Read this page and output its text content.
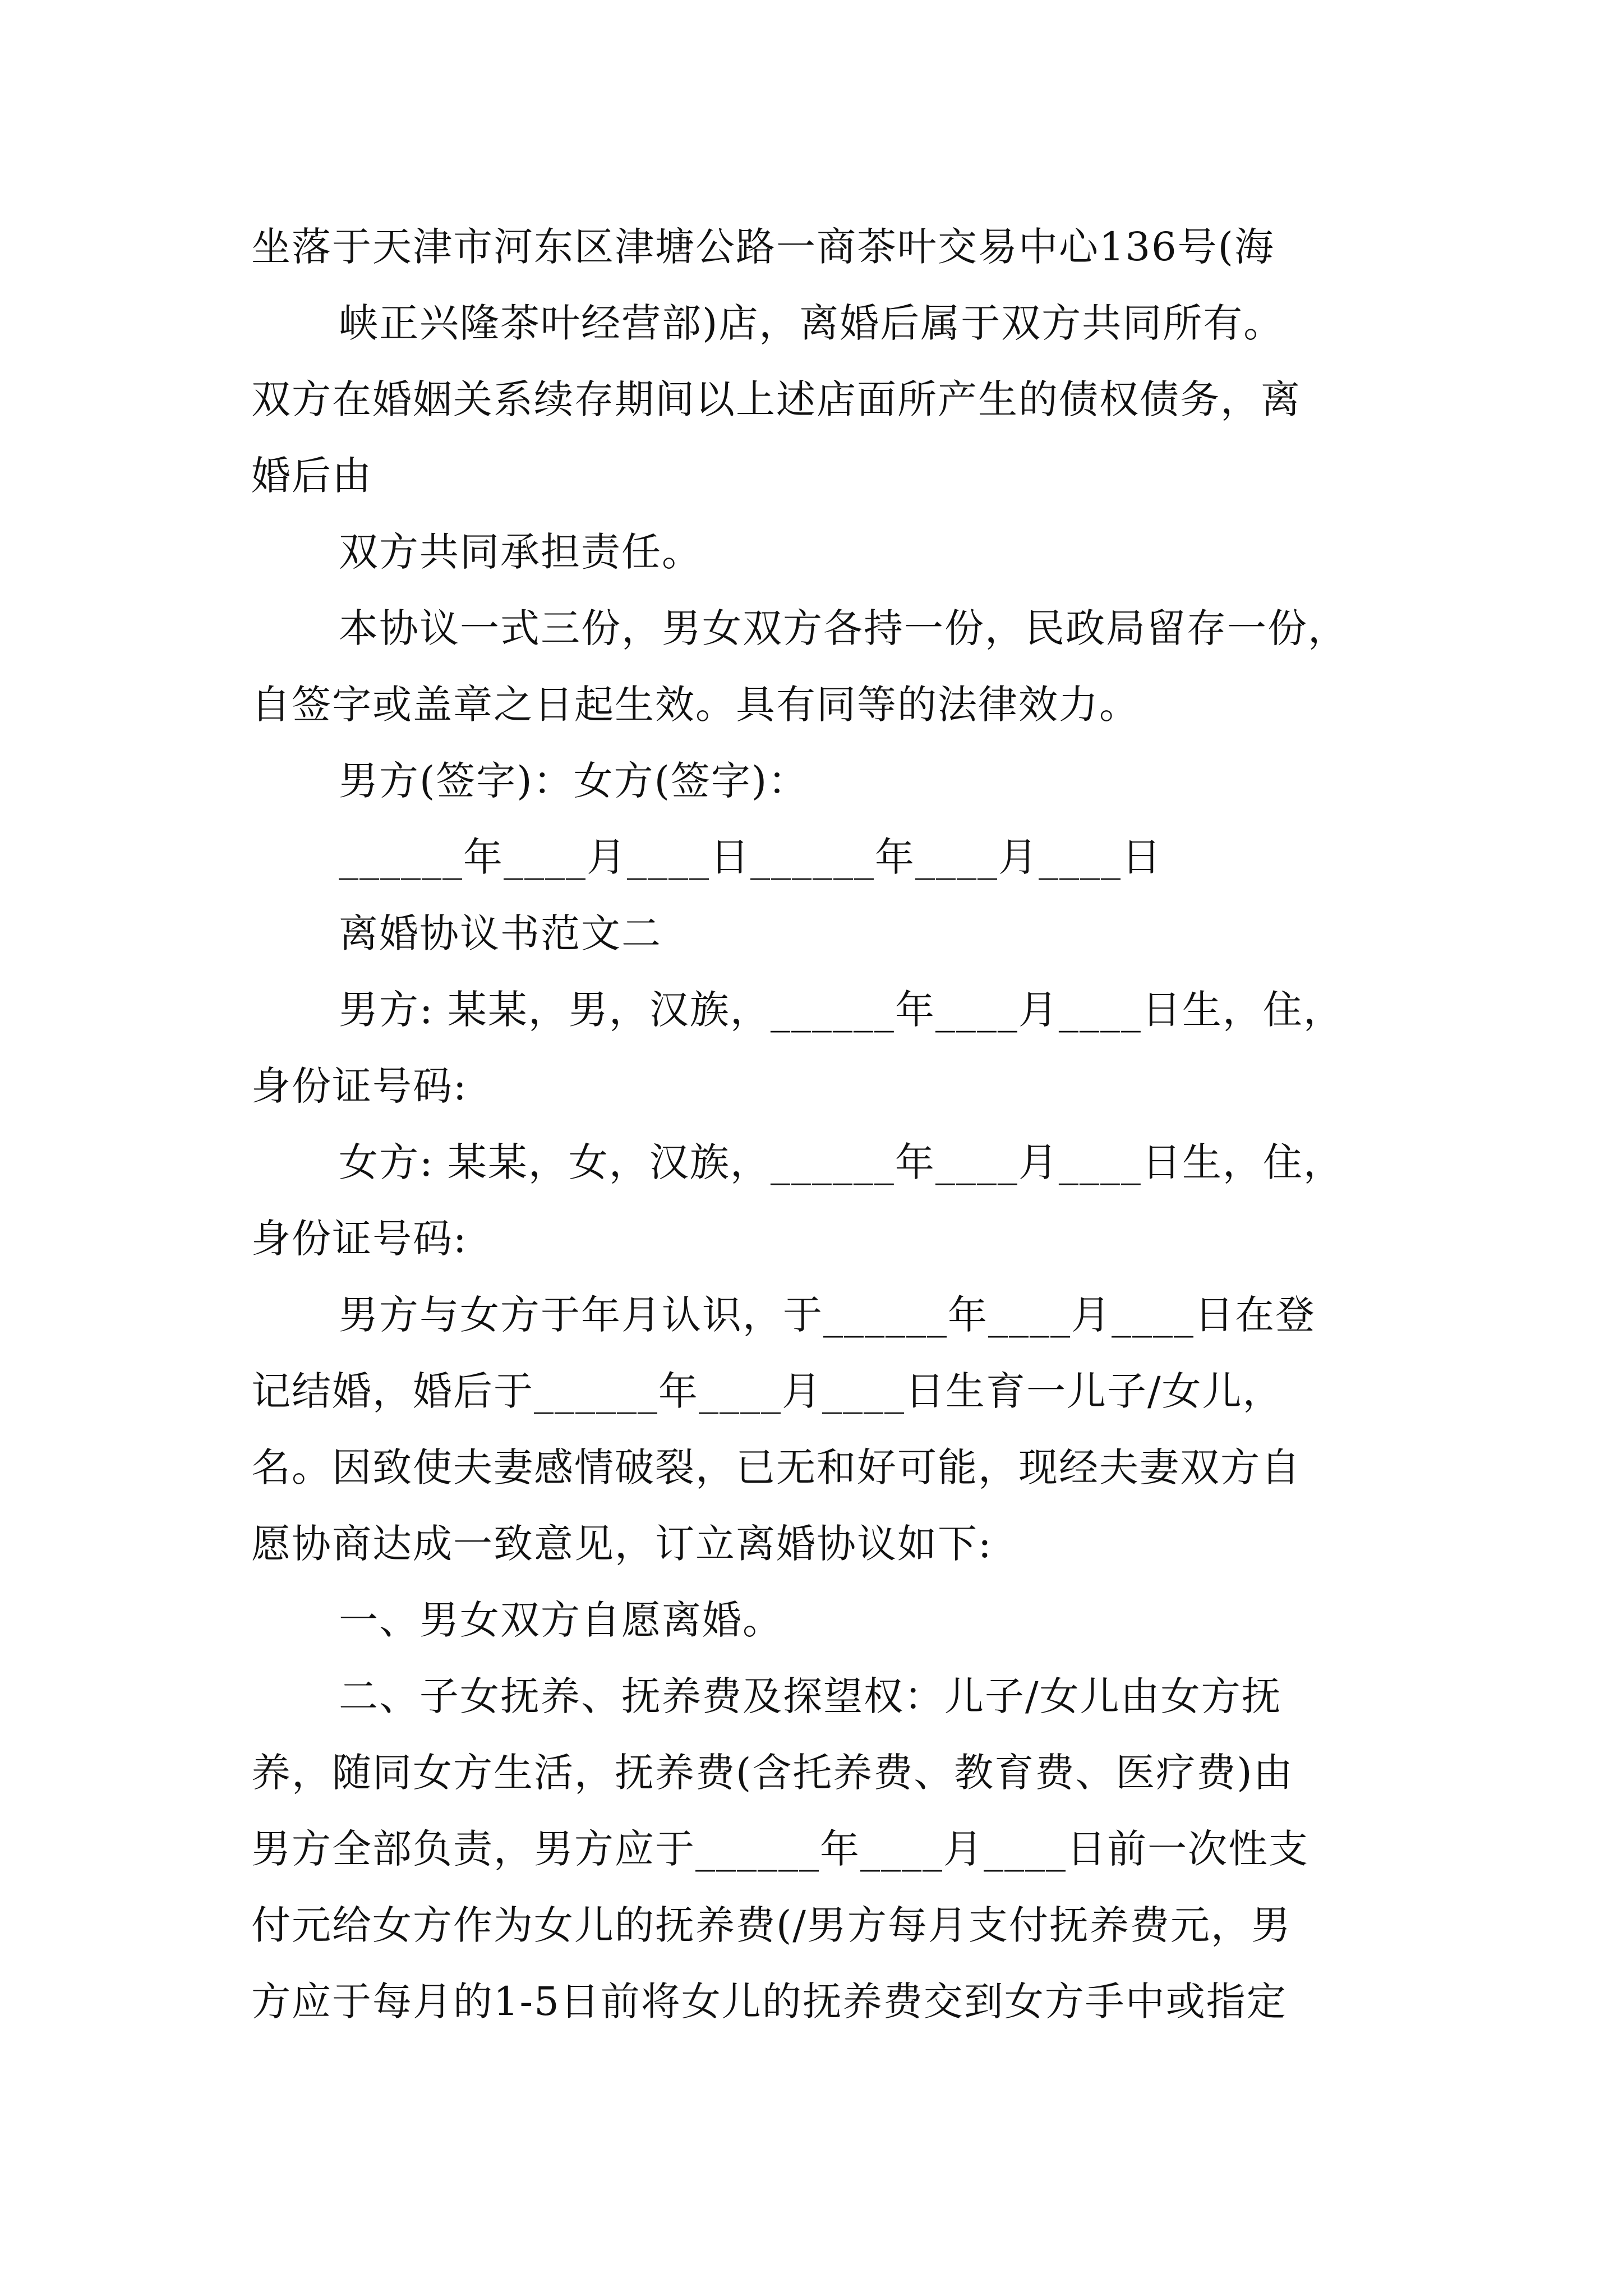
坐落于天津市河东区津塘公路一商茶叶交易中心136号(海
峡正兴隆茶叶经营部)店，离婚后属于双方共同所有。
双方在婚姻关系续存期间以上述店面所产生的债权债务，离
婚后由
双方共同承担责任。
本协议一式三份，男女双方各持一份，民政局留存一份，
自签字或盖章之日起生效。具有同等的法律效力。
男方(签字)：女方(签字)：
______年____月____日______年____月____日
离婚协议书范文二
男方: 某某，男，汉族，______年____月____日生，住，
身份证号码:
女方: 某某，女，汉族，______年____月____日生，住，
身份证号码:
男方与女方于年月认识，于______年____月____日在登
记结婚，婚后于______年____月____日生育一儿子/女儿，
名。因致使夫妻感情破裂，已无和好可能，现经夫妻双方自
愿协商达成一致意见，订立离婚协议如下:
一、男女双方自愿离婚。
二、子女抚养、抚养费及探望权：儿子/女儿由女方抚
养，随同女方生活，抚养费(含托养费、教育费、医疗费)由
男方全部负责，男方应于______年____月____日前一次性支
付元给女方作为女儿的抚养费(/男方每月支付抚养费元，男
方应于每月的1-5日前将女儿的抚养费交到女方手中或指定
